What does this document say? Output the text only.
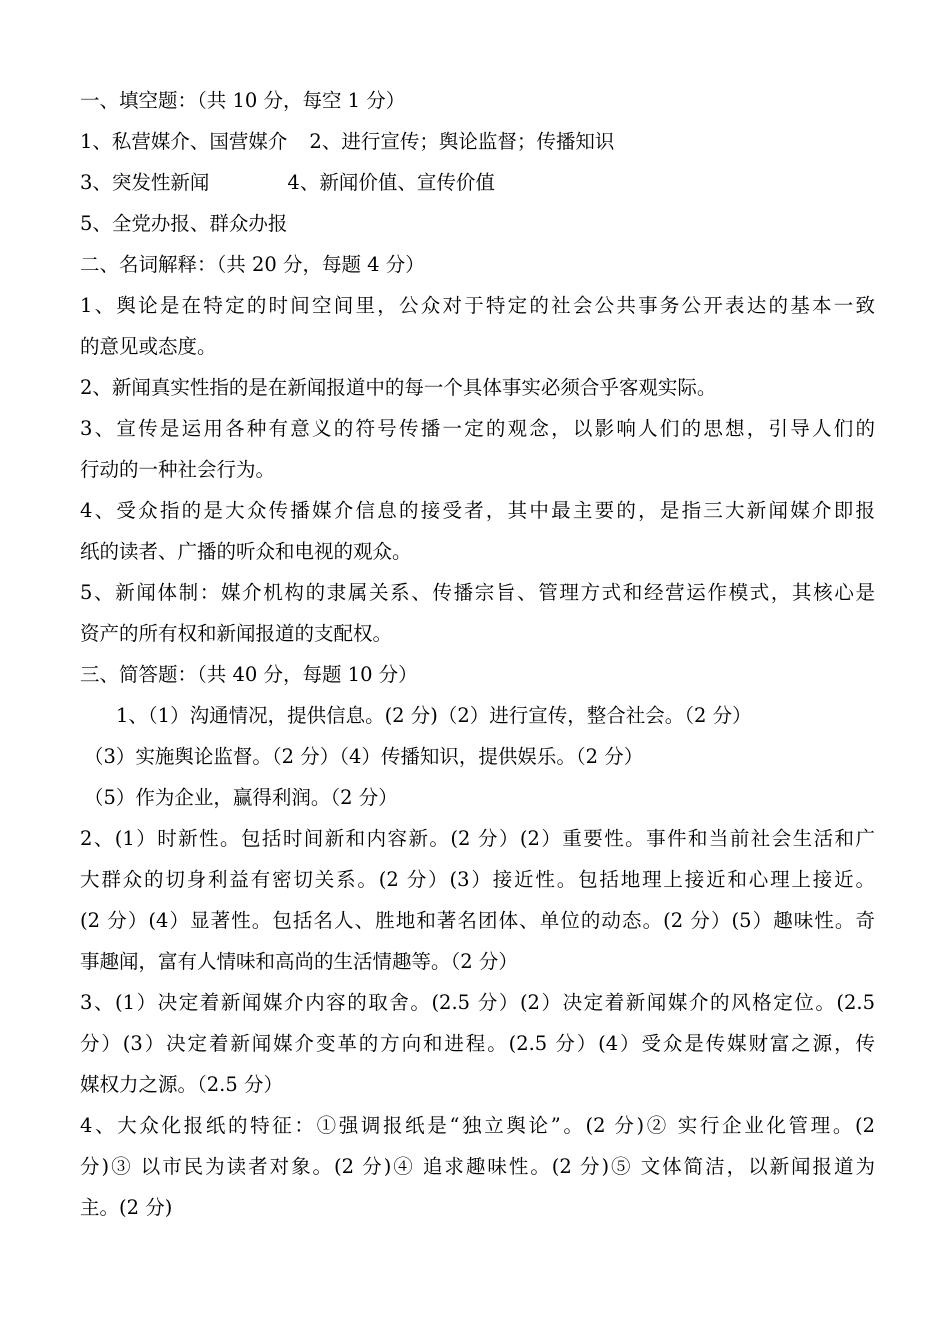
一、填空题：（共 10 分，每空 1 分）
1、私营媒介、国营媒介 2、进行宣传；舆论监督；传播知识
3、突发性新闻	4、新闻价值、宣传价值
5、全党办报、群众办报
二、名词解释：（共 20 分，每题 4 分）
1、舆论是在特定的时间空间里，公众对于特定的社会公共事务公开表达的基本一致
的意见或态度。
2、新闻真实性指的是在新闻报道中的每一个具体事实必须合乎客观实际。
3、宣传是运用各种有意义的符号传播一定的观念，以影响人们的思想，引导人们的
行动的一种社会行为。
4、受众指的是大众传播媒介信息的接受者，其中最主要的，是指三大新闻媒介即报
纸的读者、广播的听众和电视的观众。
5、新闻体制：媒介机构的隶属关系、传播宗旨、管理方式和经营运作模式，其核心是
资产的所有权和新闻报道的支配权。
三、简答题：（共 40 分，每题 10 分）
1、（1）沟通情况，提供信息。(2 分)（2）进行宣传，整合社会。（2 分）
（3）实施舆论监督。（2 分）（4）传播知识，提供娱乐。（2 分）
（5）作为企业，赢得利润。（2 分）
2、(1）时新性。包括时间新和内容新。(2 分）(2）重要性。事件和当前社会生活和广
大群众的切身利益有密切关系。(2 分）(3）接近性。包括地理上接近和心理上接近。
(2 分）(4）显著性。包括名人、胜地和著名团体、单位的动态。(2 分）(5）趣味性。奇
事趣闻，富有人情味和高尚的生活情趣等。（2 分）
3、(1）决定着新闻媒介内容的取舍。(2.5 分）(2）决定着新闻媒介的风格定位。(2.5
分）(3）决定着新闻媒介变革的方向和进程。(2.5 分）(4）受众是传媒财富之源，传
媒权力之源。（2.5 分）
4、大众化报纸的特征：①强调报纸是“独立舆论”。(2 分)② 实行企业化管理。(2
分)③ 以市民为读者对象。(2 分)④ 追求趣味性。(2 分)⑤ 文体简洁，以新闻报道为
主。(2 分)
